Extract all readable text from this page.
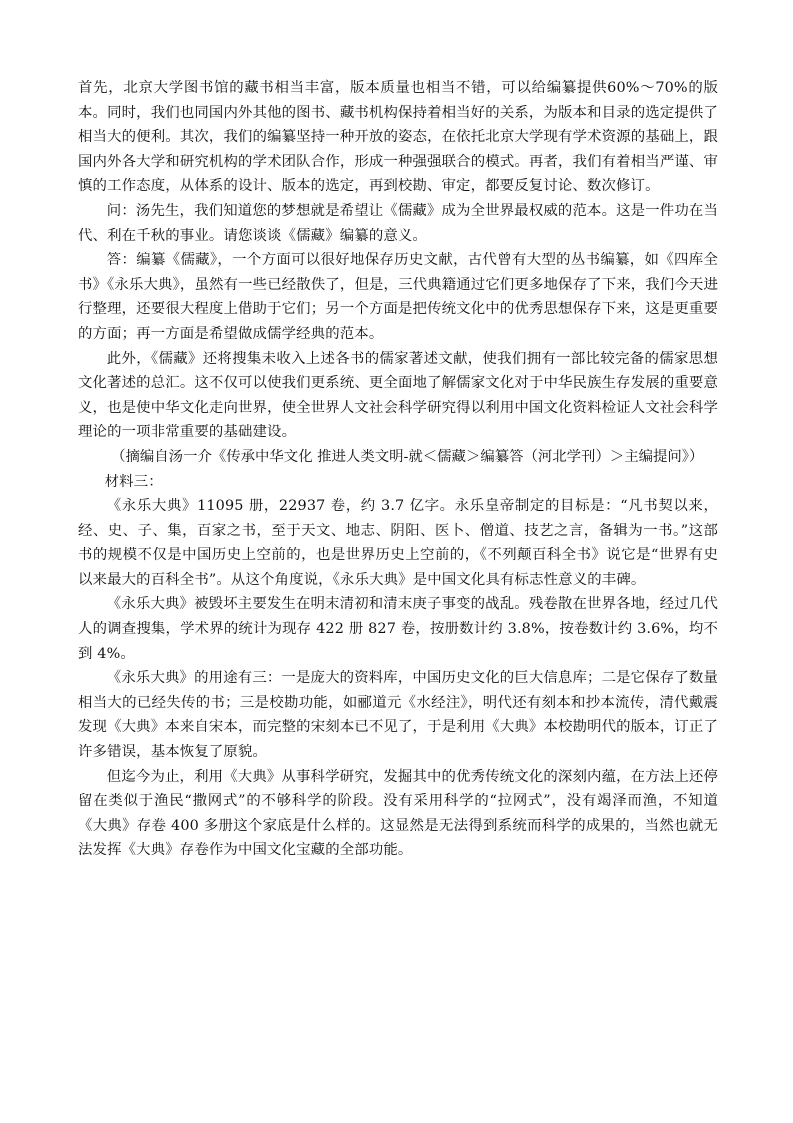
首先，北京大学图书馆的藏书相当丰富，版本质量也相当不错，可以给编纂提供60%～70%的版本。同时，我们也同国内外其他的图书、藏书机构保持着相当好的关系，为版本和目录的选定提供了相当大的便利。其次，我们的编纂坚持一种开放的姿态，在依托北京大学现有学术资源的基础上，跟国内外各大学和研究机构的学术团队合作，形成一种强强联合的模式。再者，我们有着相当严谨、审慎的工作态度，从体系的设计、版本的选定，再到校勘、审定，都要反复讨论、数次修订。

问：汤先生，我们知道您的梦想就是希望让《儒藏》成为全世界最权威的范本。这是一件功在当代、利在千秋的事业。请您谈谈《儒藏》编纂的意义。

答：编纂《儒藏》，一个方面可以很好地保存历史文献，古代曾有大型的丛书编纂，如《四库全书》《永乐大典》，虽然有一些已经散佚了，但是，三代典籍通过它们更多地保存了下来，我们今天进行整理，还要很大程度上借助于它们；另一个方面是把传统文化中的优秀思想保存下来，这是更重要的方面；再一方面是希望做成儒学经典的范本。

此外，《儒藏》还将搜集未收入上述各书的儒家著述文献，使我们拥有一部比较完备的儒家思想文化著述的总汇。这不仅可以使我们更系统、更全面地了解儒家文化对于中华民族生存发展的重要意义，也是使中华文化走向世界，使全世界人文社会科学研究得以利用中国文化资料检证人文社会科学理论的一项非常重要的基础建设。

（摘编自汤一介《传承中华文化 推进人类文明-就＜儒藏＞编纂答（河北学刊）＞主编提问》）

材料三：

《永乐大典》11095 册，22937 卷，约 3.7 亿字。永乐皇帝制定的目标是：“凡书契以来，经、史、子、集，百家之书，至于天文、地志、阴阳、医卜、僧道、技艺之言，备辑为一书。”这部书的规模不仅是中国历史上空前的，也是世界历史上空前的，《不列颠百科全书》说它是“世界有史以来最大的百科全书”。从这个角度说，《永乐大典》是中国文化具有标志性意义的丰碑。

《永乐大典》被毁坏主要发生在明末清初和清末庚子事变的战乱。残卷散在世界各地，经过几代人的调查搜集，学术界的统计为现存 422 册 827 卷，按册数计约 3.8%，按卷数计约 3.6%，均不到 4%。

《永乐大典》的用途有三：一是庞大的资料库，中国历史文化的巨大信息库；二是它保存了数量相当大的已经失传的书；三是校勘功能，如郦道元《水经注》，明代还有刻本和抄本流传，清代戴震发现《大典》本来自宋本，而完整的宋刻本已不见了，于是利用《大典》本校勘明代的版本，订正了许多错误，基本恢复了原貌。

但迄今为止，利用《大典》从事科学研究，发掘其中的优秀传统文化的深刻内蕴，在方法上还停留在类似于渔民“撒网式”的不够科学的阶段。没有采用科学的“拉网式”，没有竭泽而渔，不知道《大典》存卷 400 多册这个家底是什么样的。这显然是无法得到系统而科学的成果的，当然也就无法发挥《大典》存卷作为中国文化宝藏的全部功能。
